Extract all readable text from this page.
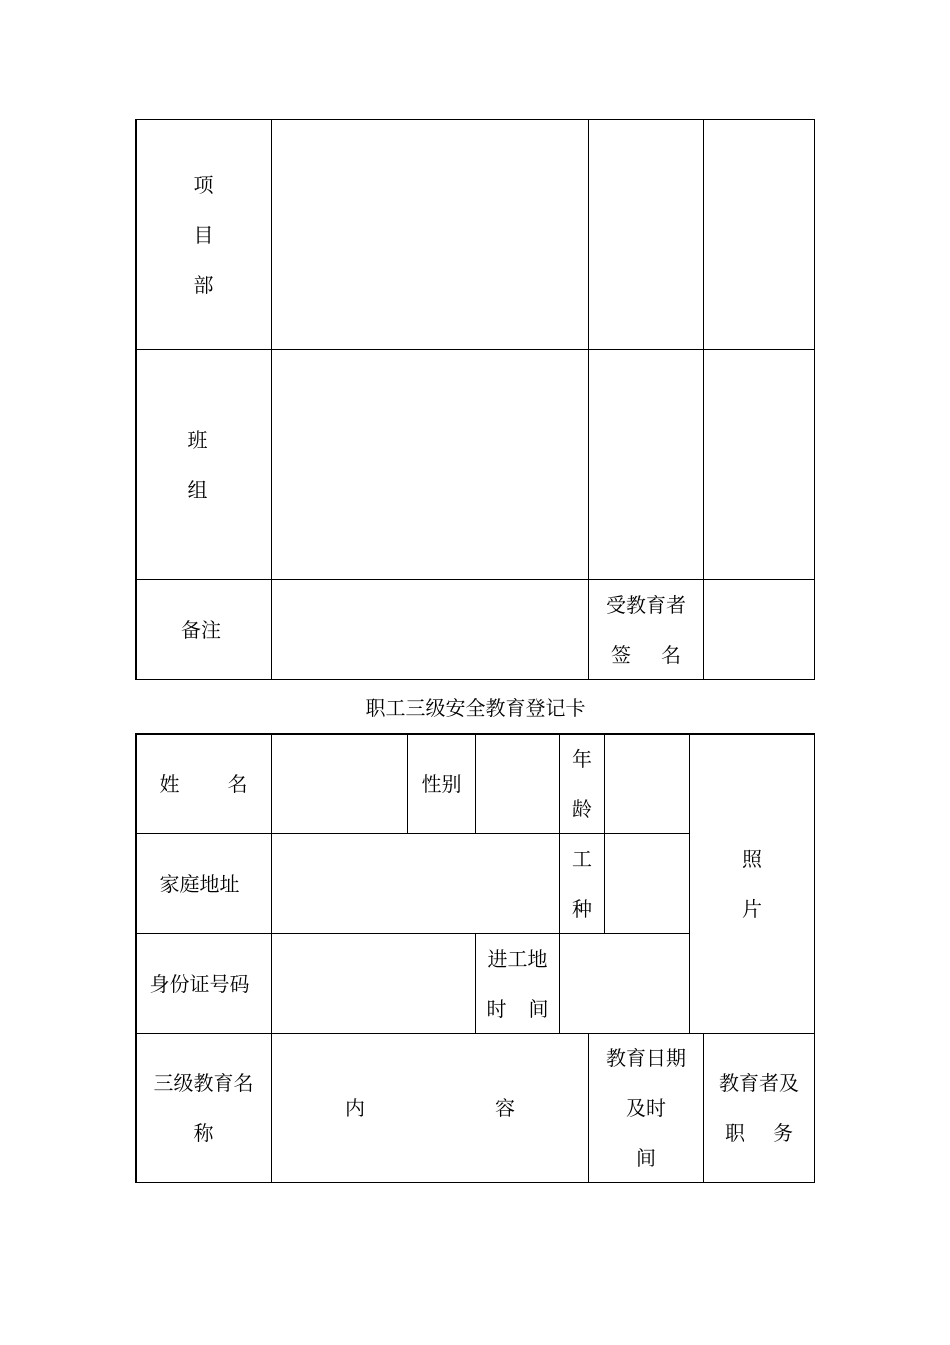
项
目
部
班
组
备注
受教育者
签 名
职工三级安全教育登记卡
姓 名	性别
年
龄
照
片
家庭地址
工
种
身份证号码
进工地
时 间
三级教育名
称
内	容
教育日期
及时
间
教育者及
职 务
